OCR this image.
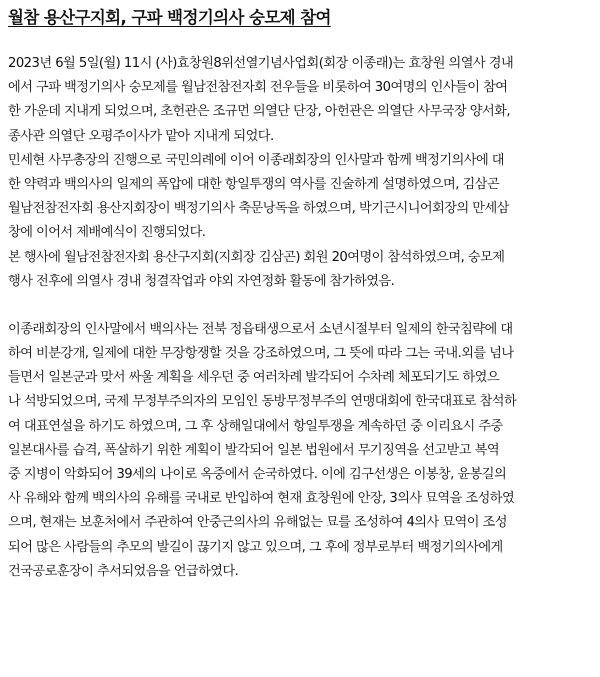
월참 용산구지회, 구파 백정기의사 숭모제 참여

2023년 6월 5일(월) 11시 (사)효창원8위선열기념사업회(회장 이종래)는 효창원 의열사 경내
에서 구파 백정기의사 숭모제를 월남전참전자회 전우들을 비롯하여 30여명의 인사들이 참여
한 가운데 지내게 되었으며, 초헌관은 조규먼 의열단 단장, 아헌관은 의열단 사무국장 양서화,
종사관 의열단 오평주이사가 맡아 지내게 되었다.

민세현 사무총장의 진행으로 국민의례에 이어 이종래회장의 인사말과 함께 백정기의사에 대
한 약력과 백의사의 일제의 폭압에 대한 항일투쟁의 역사를 진술하게 설명하였으며, 김삼곤
월남전참전자회 용산지회장이 백정기의사 축문낭독을 하였으며, 박기근시니어회장의 만세삼
창에 이어서 제배예식이 진행되었다.

본 행사에 월남전참전자회 용산구지회(지회장 김삼곤) 회원 20여명이 참석하였으며, 숭모제
행사 전후에 의열사 경내 청결작업과 야외 자연정화 활동에 참가하였음.

이종래회장의 인사말에서 백의사는 전북 정읍태생으로서 소년시절부터 일제의 한국침략에 대
하여 비분강개, 일제에 대한 무장항쟁할 것을 강조하였으며, 그 뜻에 따라 그는 국내.외를 넘나
들면서 일본군과 맞서 싸울 계획을 세우던 중 여러차례 발각되어 수차례 체포되기도 하였으
나 석방되었으며, 국제 무정부주의자의 모임인 동방무정부주의 연맹대회에 한국대표로 참석하
여 대표연설을 하기도 하였으며, 그 후 상해일대에서 항일투쟁을 계속하던 중 이리요시 주중
일본대사를 습격, 폭살하기 위한 계획이 발각되어 일본 법원에서 무기징역을 선고받고 복역
중 지병이 악화되어 39세의 나이로 옥중에서 순국하였다. 이에 김구선생은 이봉창, 윤봉길의
사 유해와 함께 백의사의 유해를 국내로 반입하여 현재 효창원에 안장, 3의사 묘역을 조성하였
으며, 현재는 보훈처에서 주관하여 안중근의사의 유해없는 묘를 조성하여 4의사 묘역이 조성
되어 많은 사람들의 추모의 발길이 끊기지 않고 있으며, 그 후에 정부로부터 백정기의사에게
건국공로훈장이 추서되었음을 언급하였다.
